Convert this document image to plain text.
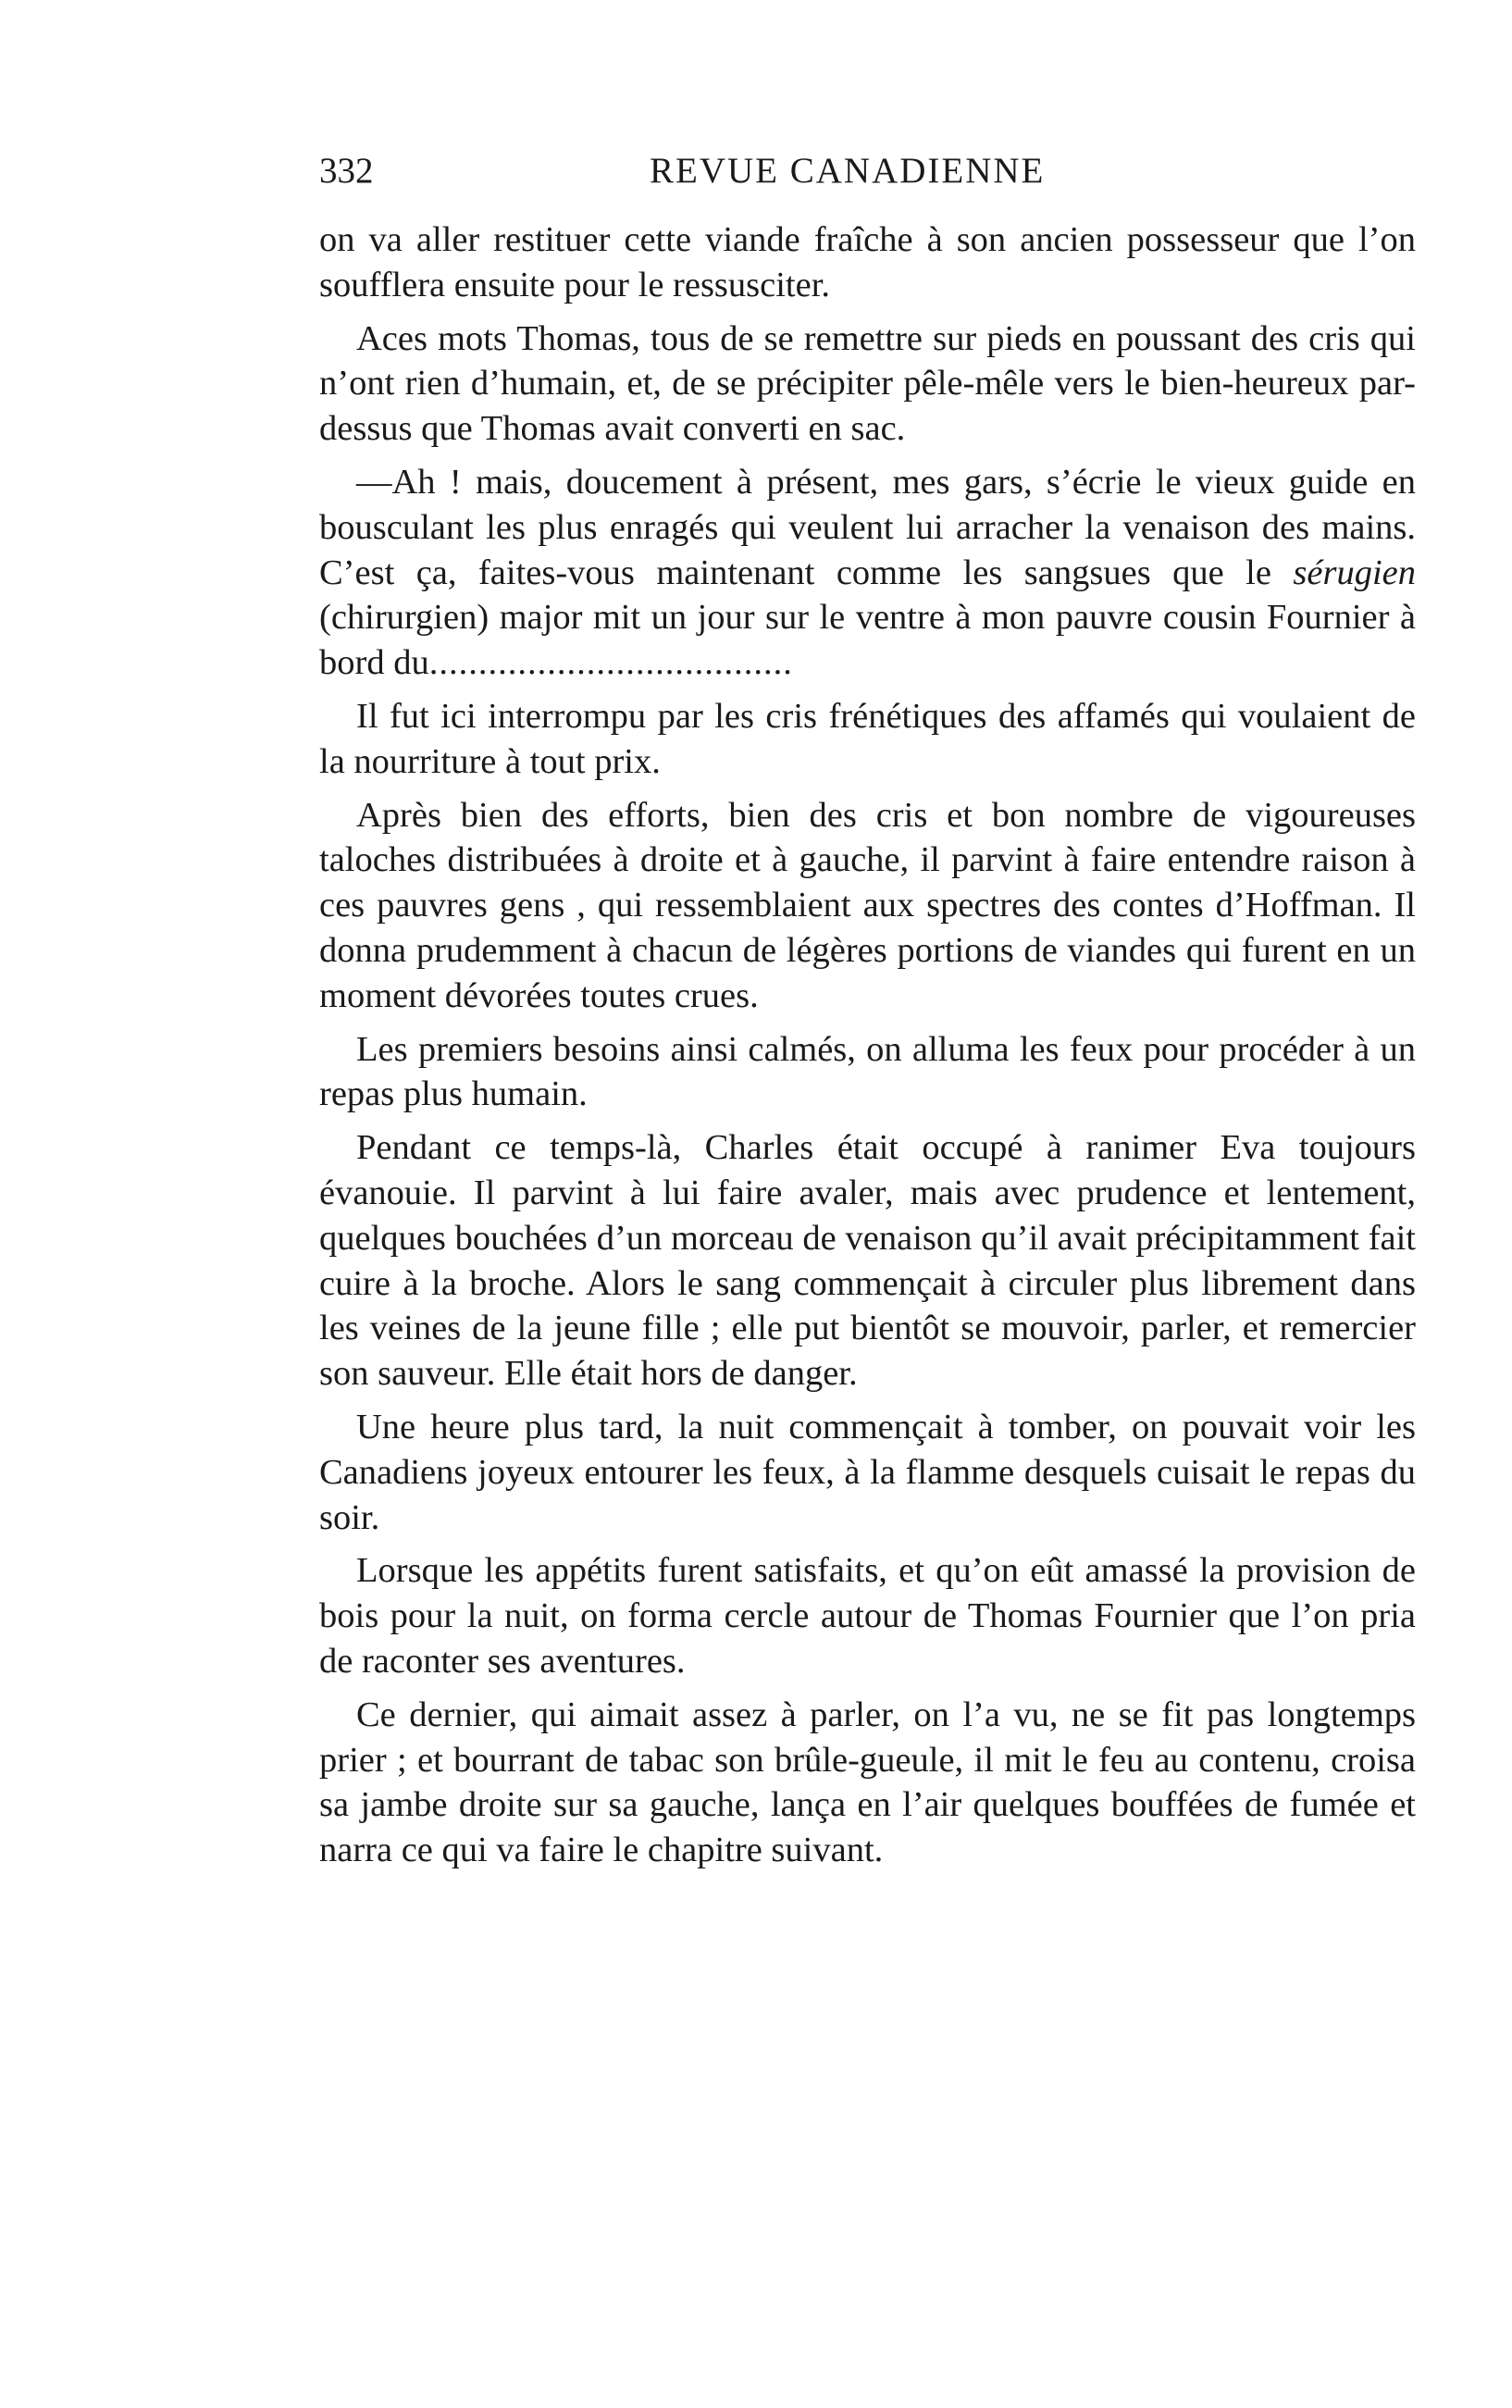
332	REVUE CANADIENNE

on va aller restituer cette viande fraîche à son ancien possesseur que l’on soufflera ensuite pour le ressusciter.

Aces mots Thomas, tous de se remettre sur pieds en poussant des cris qui n’ont rien d’humain, et, de se précipiter pêle-mêle vers le bien-heureux par-dessus que Thomas avait converti en sac.

—Ah ! mais, doucement à présent, mes gars, s’écrie le vieux guide en bousculant les plus enragés qui veulent lui arracher la venaison des mains. C’est ça, faites-vous maintenant comme les sangsues que le sérugien (chirurgien) major mit un jour sur le ventre à mon pauvre cousin Fournier à bord du.....................................

Il fut ici interrompu par les cris frénétiques des affamés qui voulaient de la nourriture à tout prix.

Après bien des efforts, bien des cris et bon nombre de vigoureuses taloches distribuées à droite et à gauche, il parvint à faire entendre raison à ces pauvres gens , qui ressemblaient aux spectres des contes d’Hoffman. Il donna prudemment à chacun de légères portions de viandes qui furent en un moment dévorées toutes crues.

Les premiers besoins ainsi calmés, on alluma les feux pour procéder à un repas plus humain.

Pendant ce temps-là, Charles était occupé à ranimer Eva toujours évanouie. Il parvint à lui faire avaler, mais avec prudence et lentement, quelques bouchées d’un morceau de venaison qu’il avait précipitamment fait cuire à la broche. Alors le sang commençait à circuler plus librement dans les veines de la jeune fille ; elle put bientôt se mouvoir, parler, et remercier son sauveur. Elle était hors de danger.

Une heure plus tard, la nuit commençait à tomber, on pouvait voir les Canadiens joyeux entourer les feux, à la flamme desquels cuisait le repas du soir.

Lorsque les appétits furent satisfaits, et qu’on eût amassé la provision de bois pour la nuit, on forma cercle autour de Thomas Fournier que l’on pria de raconter ses aventures.

Ce dernier, qui aimait assez à parler, on l’a vu, ne se fit pas longtemps prier ; et bourrant de tabac son brûle-gueule, il mit le feu au contenu, croisa sa jambe droite sur sa gauche, lança en l’air quelques bouffées de fumée et narra ce qui va faire le chapitre suivant.
